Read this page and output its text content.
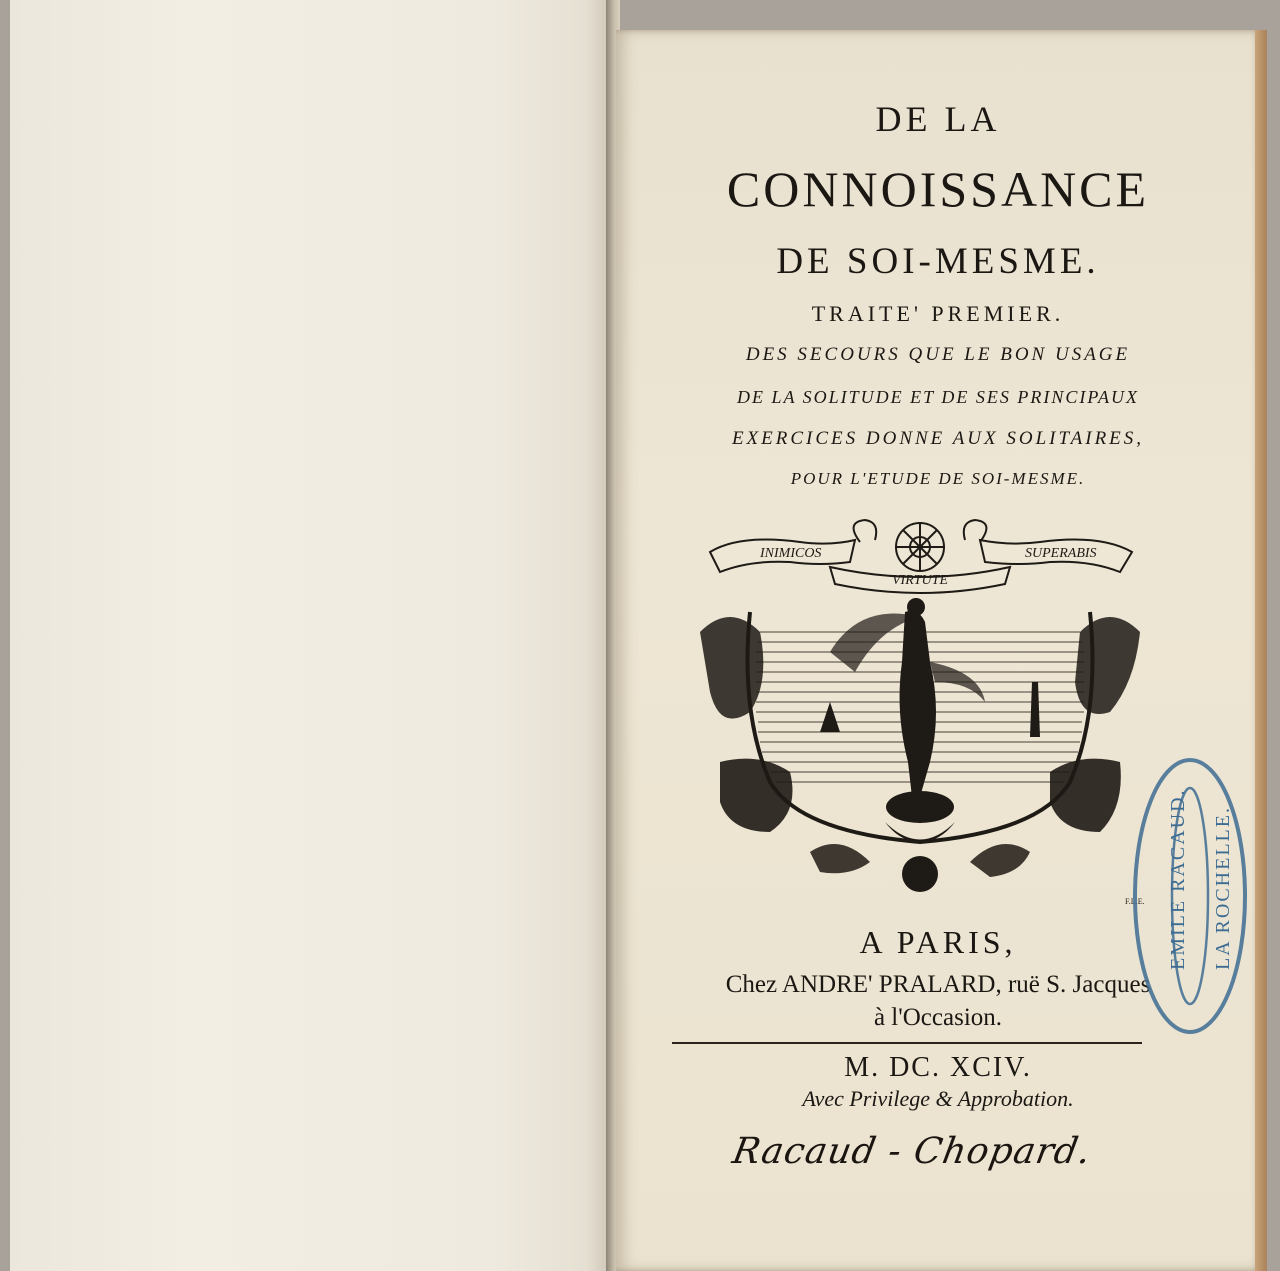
DE LA
CONNOISSANCE
DE SOI-MESME.
TRAITE' PREMIER.
DES SECOURS QUE LE BON USAGE
DE LA SOLITUDE ET DE SES PRINCIPAUX
EXERCICES DONNE AUX SOLITAIRES,
POUR L'ETUDE DE SOI-MESME.
INIMICOS
VIRTUTE
SUPERABIS
F.L.E.
A PARIS,
Chez ANDRE' PRALARD, ruë S. Jacques
à l'Occasion.
M. DC. XCIV.
Avec Privilege & Approbation.
EMILE RACAUD.	LA ROCHELLE.
Racaud - Chopard.
